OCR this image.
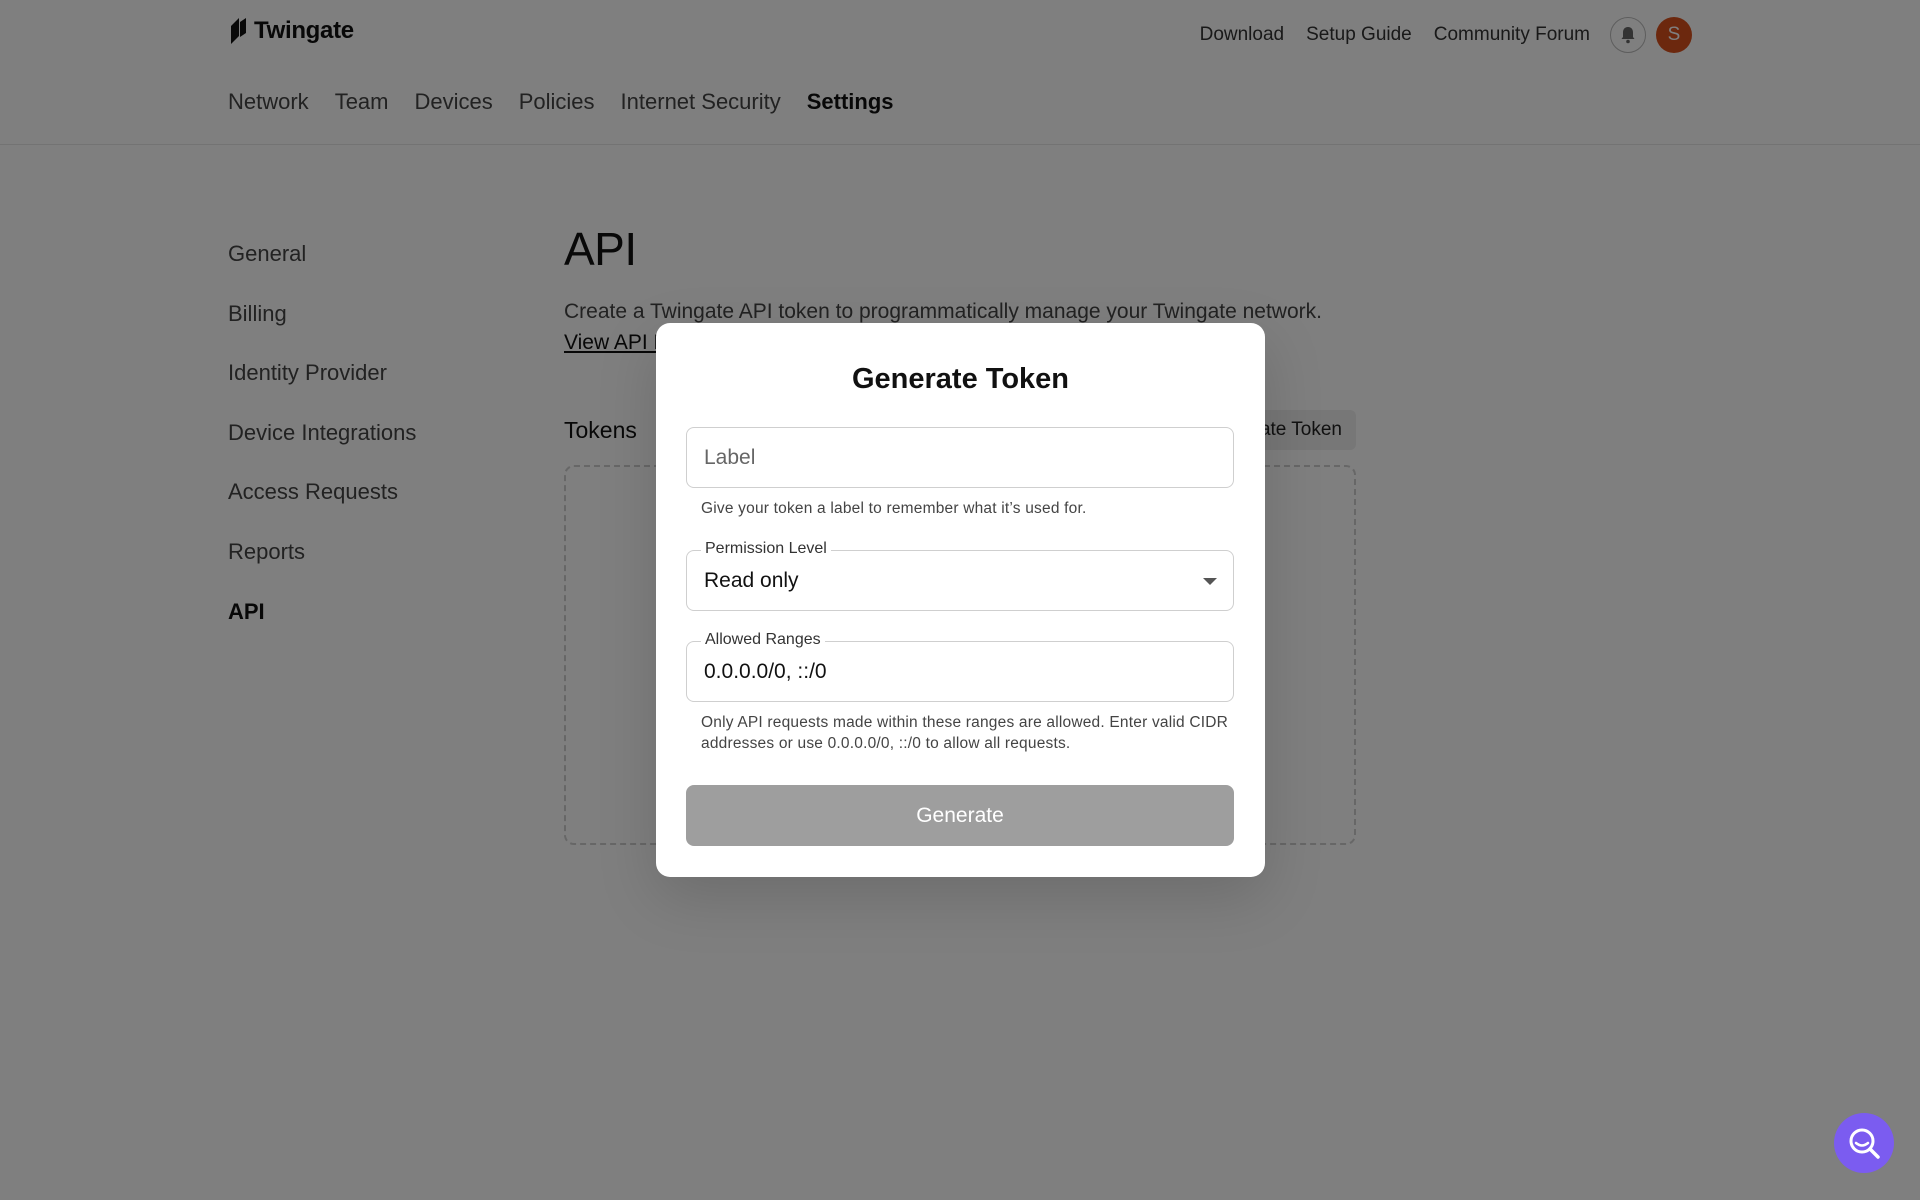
Generate Token
Label
Give your token a label to remember what it’s used for.
Permission Level
Read only
Allowed Ranges
0.0.0.0/0, ::/0
Only API requests made within these ranges are allowed. Enter valid CIDR addresses or use 0.0.0.0/0, ::/0 to allow all requests.
Generate
